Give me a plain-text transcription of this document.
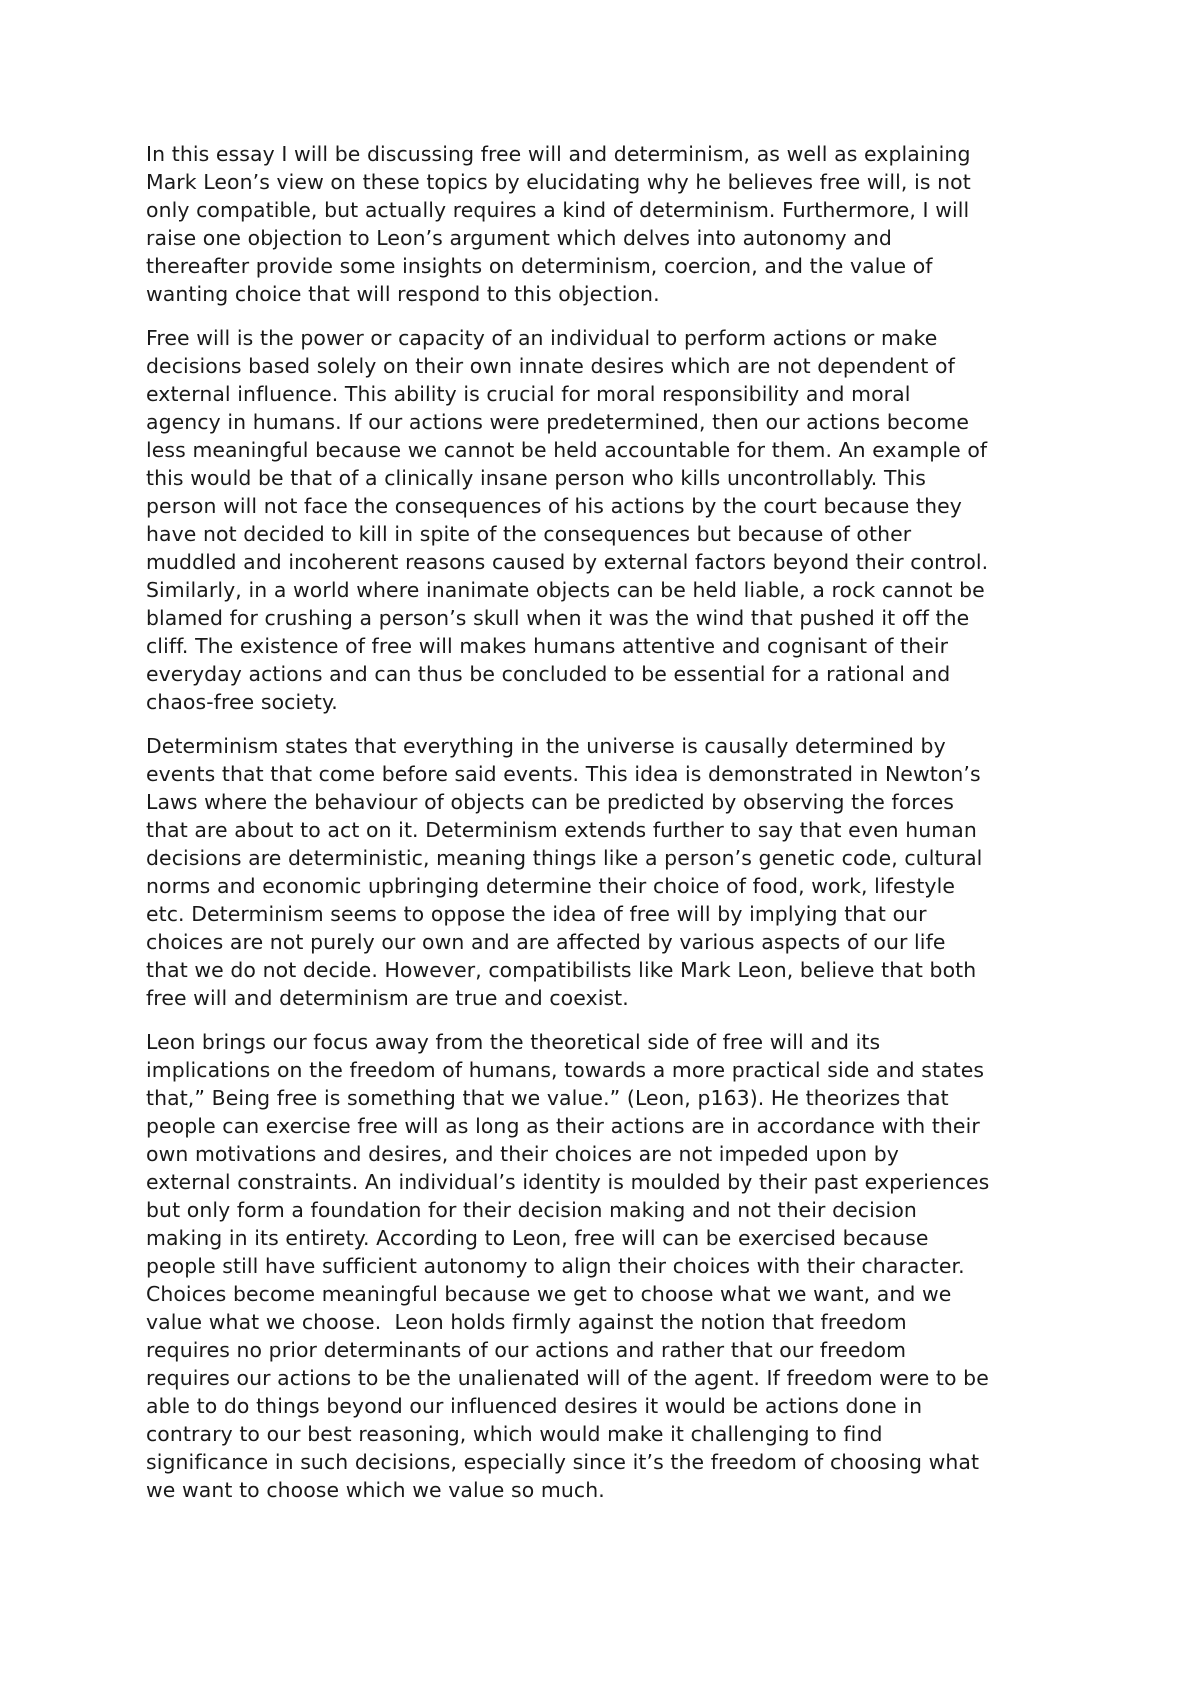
In this essay I will be discussing free will and determinism, as well as explaining
Mark Leon’s view on these topics by elucidating why he believes free will, is not
only compatible, but actually requires a kind of determinism. Furthermore, I will
raise one objection to Leon’s argument which delves into autonomy and
thereafter provide some insights on determinism, coercion, and the value of
wanting choice that will respond to this objection.
Free will is the power or capacity of an individual to perform actions or make
decisions based solely on their own innate desires which are not dependent of
external influence. This ability is crucial for moral responsibility and moral
agency in humans. If our actions were predetermined, then our actions become
less meaningful because we cannot be held accountable for them. An example of
this would be that of a clinically insane person who kills uncontrollably. This
person will not face the consequences of his actions by the court because they
have not decided to kill in spite of the consequences but because of other
muddled and incoherent reasons caused by external factors beyond their control.
Similarly, in a world where inanimate objects can be held liable, a rock cannot be
blamed for crushing a person’s skull when it was the wind that pushed it off the
cliff. The existence of free will makes humans attentive and cognisant of their
everyday actions and can thus be concluded to be essential for a rational and
chaos-free society.
Determinism states that everything in the universe is causally determined by
events that that come before said events. This idea is demonstrated in Newton’s
Laws where the behaviour of objects can be predicted by observing the forces
that are about to act on it. Determinism extends further to say that even human
decisions are deterministic, meaning things like a person’s genetic code, cultural
norms and economic upbringing determine their choice of food, work, lifestyle
etc. Determinism seems to oppose the idea of free will by implying that our
choices are not purely our own and are affected by various aspects of our life
that we do not decide. However, compatibilists like Mark Leon, believe that both
free will and determinism are true and coexist.
Leon brings our focus away from the theoretical side of free will and its
implications on the freedom of humans, towards a more practical side and states
that,” Being free is something that we value.” (Leon, p163). He theorizes that
people can exercise free will as long as their actions are in accordance with their
own motivations and desires, and their choices are not impeded upon by
external constraints. An individual’s identity is moulded by their past experiences
but only form a foundation for their decision making and not their decision
making in its entirety. According to Leon, free will can be exercised because
people still have sufficient autonomy to align their choices with their character.
Choices become meaningful because we get to choose what we want, and we
value what we choose.  Leon holds firmly against the notion that freedom
requires no prior determinants of our actions and rather that our freedom
requires our actions to be the unalienated will of the agent. If freedom were to be
able to do things beyond our influenced desires it would be actions done in
contrary to our best reasoning, which would make it challenging to find
significance in such decisions, especially since it’s the freedom of choosing what
we want to choose which we value so much.
